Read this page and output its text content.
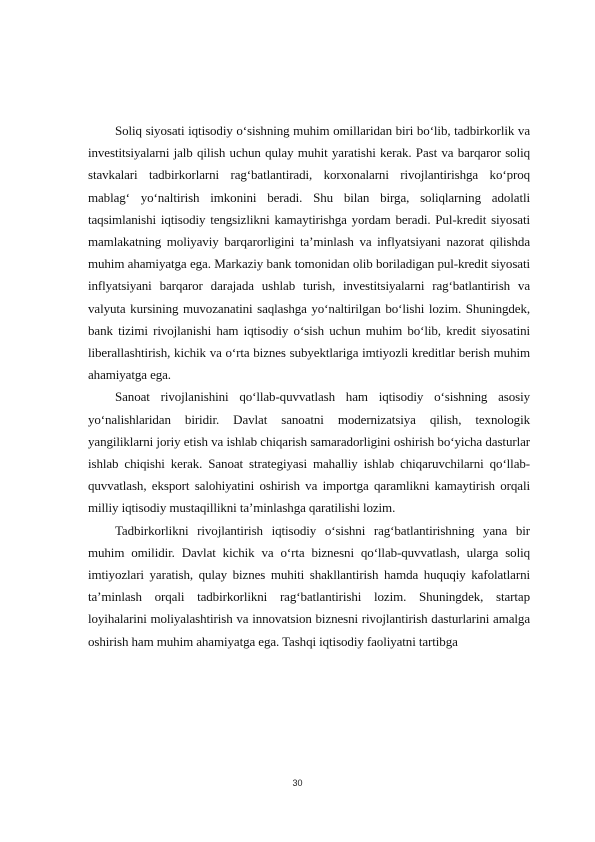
Soliq siyosati iqtisodiy o‘sishning muhim omillaridan biri bo‘lib, tadbirkorlik va investitsiyalarni jalb qilish uchun qulay muhit yaratishi kerak. Past va barqaror soliq stavkalari tadbirkorlarni rag‘batlantiradi, korxonalarni rivojlantirishga ko‘proq mablag‘ yo‘naltirish imkonini beradi. Shu bilan birga, soliqlarning adolatli taqsimlanishi iqtisodiy tengsizlikni kamaytirishga yordam beradi. Pul-kredit siyosati mamlakatning moliyaviy barqarorligini ta’minlash va inflyatsiyani nazorat qilishda muhim ahamiyatga ega. Markaziy bank tomonidan olib boriladigan pul-kredit siyosati inflyatsiyani barqaror darajada ushlab turish, investitsiyalarni rag‘batlantirish va valyuta kursining muvozanatini saqlashga yo‘naltirilgan bo‘lishi lozim. Shuningdek, bank tizimi rivojlanishi ham iqtisodiy o‘sish uchun muhim bo‘lib, kredit siyosatini liberallashtirish, kichik va o‘rta biznes subyektlariga imtiyozli kreditlar berish muhim ahamiyatga ega.

Sanoat rivojlanishini qo‘llab-quvvatlash ham iqtisodiy o‘sishning asosiy yo‘nalishlaridan biridir. Davlat sanoatni modernizatsiya qilish, texnologik yangiliklarni joriy etish va ishlab chiqarish samaradorligini oshirish bo‘yicha dasturlar ishlab chiqishi kerak. Sanoat strategiyasi mahalliy ishlab chiqaruvchilarni qo‘llab-quvvatlash, eksport salohiyatini oshirish va importga qaramlikni kamaytirish orqali milliy iqtisodiy mustaqillikni ta’minlashga qaratilishi lozim.

Tadbirkorlikni rivojlantirish iqtisodiy o‘sishni rag‘batlantirishning yana bir muhim omilidir. Davlat kichik va o‘rta biznesni qo‘llab-quvvatlash, ularga soliq imtiyozlari yaratish, qulay biznes muhiti shakllantirish hamda huquqiy kafolatlarni ta’minlash orqali tadbirkorlikni rag‘batlantirishi lozim. Shuningdek, startap loyihalarini moliyalashtirish va innovatsion biznesni rivojlantirish dasturlarini amalga oshirish ham muhim ahamiyatga ega. Tashqi iqtisodiy faoliyatni tartibga

30
